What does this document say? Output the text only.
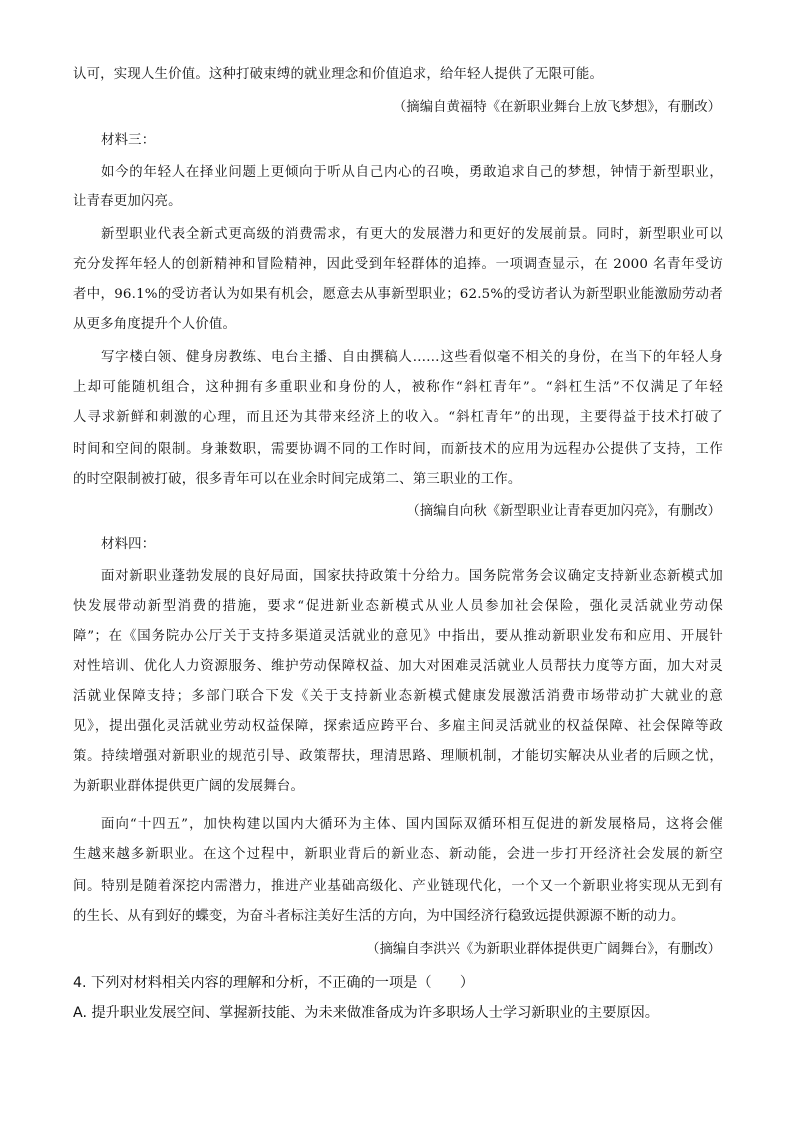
认可，实现人生价值。这种打破束缚的就业理念和价值追求，给年轻人提供了无限可能。
（摘编自黄福特《在新职业舞台上放飞梦想》，有删改）
材料三：
如今的年轻人在择业问题上更倾向于听从自己内心的召唤，勇敢追求自己的梦想，钟情于新型职业，
让青春更加闪亮。
新型职业代表全新式更高级的消费需求，有更大的发展潜力和更好的发展前景。同时，新型职业可以
充分发挥年轻人的创新精神和冒险精神，因此受到年轻群体的追捧。一项调查显示，在 2000 名青年受访
者中，96.1%的受访者认为如果有机会，愿意去从事新型职业；62.5%的受访者认为新型职业能激励劳动者
从更多角度提升个人价值。
写字楼白领、健身房教练、电台主播、自由撰稿人……这些看似毫不相关的身份，在当下的年轻人身
上却可能随机组合，这种拥有多重职业和身份的人，被称作“斜杠青年”。“斜杠生活”不仅满足了年轻
人寻求新鲜和刺激的心理，而且还为其带来经济上的收入。“斜杠青年”的出现，主要得益于技术打破了
时间和空间的限制。身兼数职，需要协调不同的工作时间，而新技术的应用为远程办公提供了支持，工作
的时空限制被打破，很多青年可以在业余时间完成第二、第三职业的工作。
（摘编自向秋《新型职业让青春更加闪亮》，有删改）
材料四：
面对新职业蓬勃发展的良好局面，国家扶持政策十分给力。国务院常务会议确定支持新业态新模式加
快发展带动新型消费的措施，要求“促进新业态新模式从业人员参加社会保险，强化灵活就业劳动保
障”；在《国务院办公厅关于支持多渠道灵活就业的意见》中指出，要从推动新职业发布和应用、开展针
对性培训、优化人力资源服务、维护劳动保障权益、加大对困难灵活就业人员帮扶力度等方面，加大对灵
活就业保障支持；多部门联合下发《关于支持新业态新模式健康发展激活消费市场带动扩大就业的意
见》，提出强化灵活就业劳动权益保障，探索适应跨平台、多雇主间灵活就业的权益保障、社会保障等政
策。持续增强对新职业的规范引导、政策帮扶，理清思路、理顺机制，才能切实解决从业者的后顾之忧，
为新职业群体提供更广阔的发展舞台。
面向“十四五”，加快构建以国内大循环为主体、国内国际双循环相互促进的新发展格局，这将会催
生越来越多新职业。在这个过程中，新职业背后的新业态、新动能，会进一步打开经济社会发展的新空
间。特别是随着深挖内需潜力，推进产业基础高级化、产业链现代化，一个又一个新职业将实现从无到有
的生长、从有到好的蝶变，为奋斗者标注美好生活的方向，为中国经济行稳致远提供源源不断的动力。
（摘编自李洪兴《为新职业群体提供更广阔舞台》，有删改）
4. 下列对材料相关内容的理解和分析，不正确的一项是（　　）
A. 提升职业发展空间、掌握新技能、为未来做准备成为许多职场人士学习新职业的主要原因。
